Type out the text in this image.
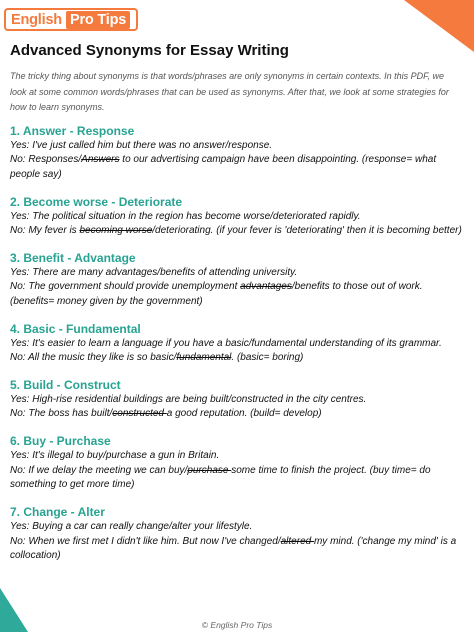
English Pro Tips
Advanced Synonyms for Essay Writing
The tricky thing about synonyms is that words/phrases are only synonyms in certain contexts. In this PDF, we look at some common words/phrases that can be used as synonyms. After that, we look at some strategies for how to learn synonyms.
1. Answer - Response
Yes: I've just called him but there was no answer/response.
No: Responses/Answers to our advertising campaign have been disappointing. (response= what people say)
2. Become worse - Deteriorate
Yes: The political situation in the region has become worse/deteriorated rapidly.
No: My fever is becoming worse/deteriorating. (if your fever is 'deteriorating' then it is becoming better)
3. Benefit - Advantage
Yes: There are many advantages/benefits of attending university.
No: The government should provide unemployment advantages/benefits to those out of work. (benefits= money given by the government)
4. Basic - Fundamental
Yes: It's easier to learn a language if you have a basic/fundamental understanding of its grammar.
No: All the music they like is so basic/fundamental. (basic= boring)
5. Build - Construct
Yes: High-rise residential buildings are being built/constructed in the city centres.
No: The boss has built/constructed a good reputation. (build= develop)
6. Buy - Purchase
Yes: It's illegal to buy/purchase a gun in Britain.
No: If we delay the meeting we can buy/purchase some time to finish the project. (buy time= do something to get more time)
7. Change - Alter
Yes: Buying a car can really change/alter your lifestyle.
No: When we first met I didn't like him. But now I've changed/altered my mind. ('change my mind' is a collocation)
© English Pro Tips
